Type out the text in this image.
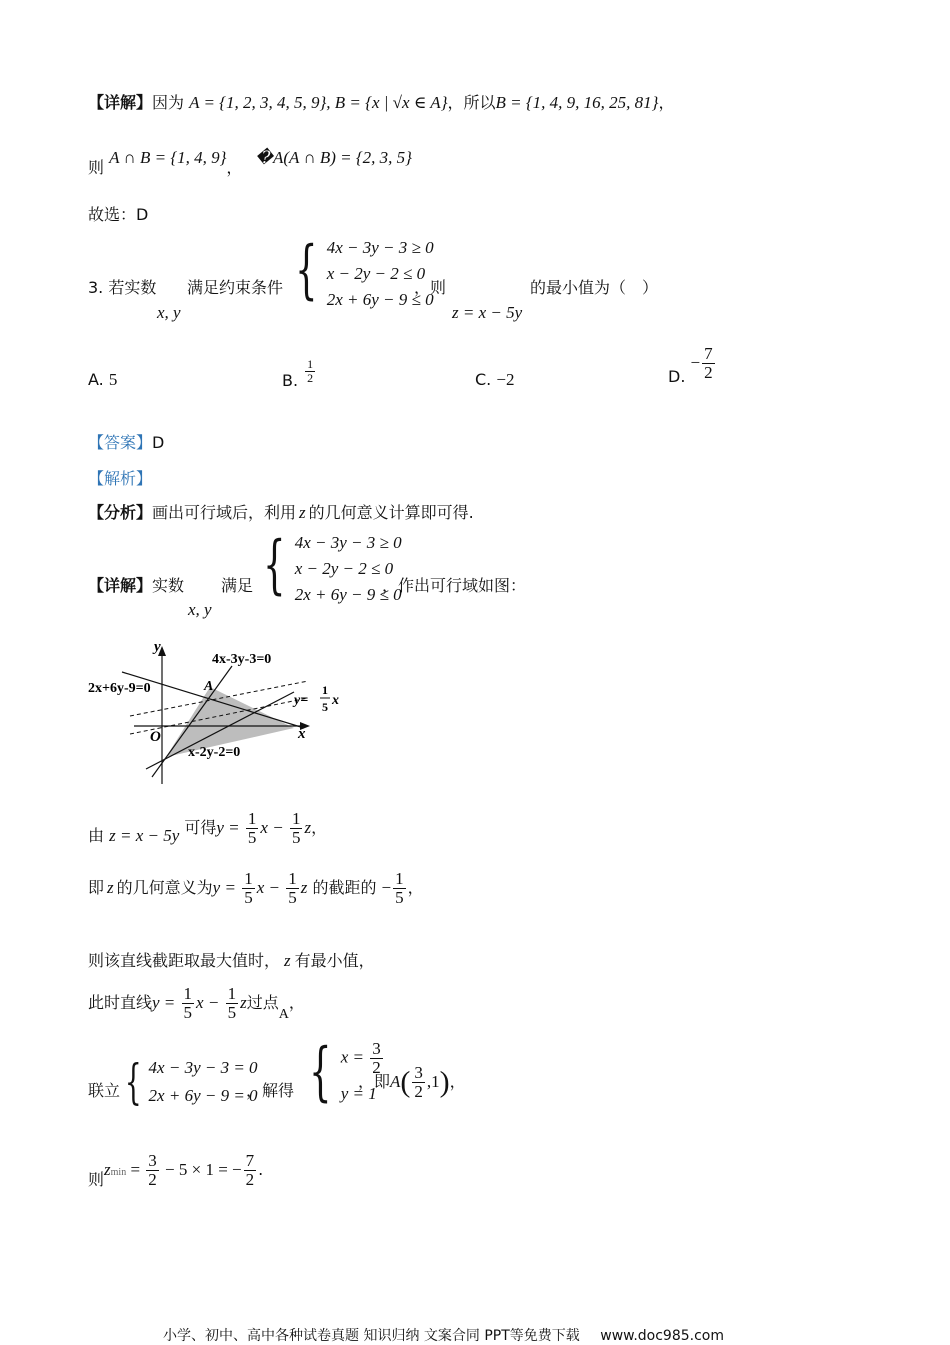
【详解】因为 A = {1, 2, 3, 4, 5, 9}, B = {x | √x ∈ A}，所以B = {1, 4, 9, 16, 25, 81}，
则 A ∩ B = {1, 4, 9}， �A(A ∩ B) = {2, 3, 5}
故选：D
3. 若实数
x, y
满足约束条件 { 4x − 3y − 3 ≥ 0
x − 2y − 2 ≤ 0
2x + 6y − 9 ≤ 0
，则
z = x − 5y
的最小值为（　）
A. 5	B. $\frac{1}{2}$	C. −2	D. − $\frac{7}{2}$
【答案】D
【解析】
【分析】画出可行域后，利用 z 的几何意义计算即可得.
【详解】实数
x, y
满足 { 4x − 3y − 3 ≥ 0
x − 2y − 2 ≤ 0
2x + 6y − 9 ≤ 0
，作出可行域如图：
y
x
O
4x-3y-3=0
2x+6y-9=0
x-2y-2=0
A
y=
1
5 x
由 z = x − 5y 可得$y = \frac{1}{5}$ $x - \frac{1}{5}$ z，
即 z 的几何意义为$y = \frac{1}{5}$ $x - \frac{1}{5}$ z 的截距的 − $\frac{1}{5}$ ，
则该直线截距取最大值时， z 有最小值，
此时直线$y = \frac{1}{5}$ $x - \frac{1}{5}$ z过点A，
联立 { 4x − 3y − 3 = 0
2x + 6y − 9 = 0
，解得 { $x = \frac{3}{2}$
y = 1
，即$A( \frac{3}{2} ,1)$，
则$zmin = \frac{3}{2} - 5 \times 1$ = − $\frac{7}{2}$ .
小学、初中、高中各种试卷真题 知识归纳 文案合同 PPT等免费下载 www.doc985.com
